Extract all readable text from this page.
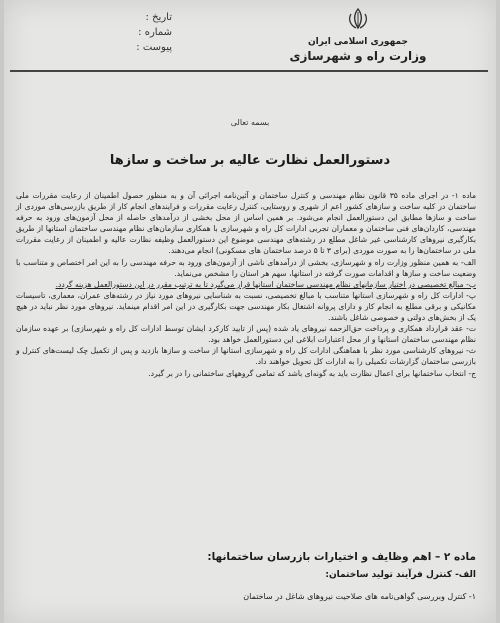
جمهوری اسلامی ایران
وزارت راه و شهرسازی
تاریخ :
شماره :
پیوست :
بسمه تعالی
دستورالعمل نظارت عالیه بر ساخت و سازها

ماده ۱- در اجرای ماده ۳۵ قانون نظام مهندسی و کنترل ساختمان و آئین‌نامه اجرائی آن و به منظور حصول اطمینان از رعایت مقررات ملی ساختمان در کلیه ساخت و سازهای کشور اعم از شهری و روستایی، کنترل رعایت مقررات و فرایندهای انجام کار از طریق بازرسی‌های موردی از ساخت و سازها مطابق این دستورالعمل انجام می‌شود. بر همین اساس از محل بخشی از درآمدهای حاصله از محل آزمون‌های ورود به حرفه مهندسی، کاردان‌های فنی ساختمان و معماران تجربی ادارات کل راه و شهرسازی با همکاری سازمان‌های نظام مهندسی ساختمان استانها از طریق بکارگیری نیروهای کارشناسی غیر شاغل مطلع در رشته‌های مهندسی موضوع این دستورالعمل وظیفه نظارت عالیه و اطمینان از رعایت مقررات ملی در ساختمان‌ها را به صورت موردی (برای ۳ تا ۵ درصد ساختمان های مسکونی) انجام می‌دهند.

الف- به همین منظور وزارت راه و شهرسازی، بخشی از درآمدهای ناشی از آزمون‌های ورود به حرفه مهندسی را به این امر اختصاص و متناسب با وضعیت ساخت و سازها و اقدامات صورت گرفته در استانها، سهم هر استان را مشخص می‌نماید.

ب- مبالغ تخصیصی در اختیار سازمانهای نظام مهندسی ساختمان استانها قرار می‌گیرد تا به ترتیب مقرر در این دستورالعمل هزینه گردد.

پ- ادارات کل راه و شهرسازی استانها متناسب با مبالغ تخصیصی، نسبت به شناسایی نیروهای مورد نیاز در رشته‌های عمران، معماری، تاسیسات مکانیکی و برقی مطلع به انجام کار و دارای پروانه اشتغال بکار مهندسی جهت بکارگیری در این امر اقدام مینماید. نیروهای مورد نظر نباید در هیچ یک از بخش‌های دولتی و خصوصی شاغل باشند.

ت- عقد قرارداد همکاری و پرداخت حق‌الزحمه نیروهای یاد شده (پس از تایید کارکرد ایشان توسط ادارات کل راه و شهرسازی) بر عهده سازمان نظام مهندسی ساختمان استانها و از محل اعتبارات ابلاغی این دستورالعمل خواهد بود.

ث- نیروهای کارشناسی مورد نظر با هماهنگی ادارات کل راه و شهرسازی استانها از ساخت و سازها بازدید و پس از تکمیل چک لیست‌های کنترل و بازرسی ساختمان گزارشات تکمیلی را به ادارات کل تحویل خواهند داد.

ج- انتخاب ساختمانها برای اعمال نظارت باید به گونه‌ای باشد که تمامی گروههای ساختمانی را در بر گیرد.

ماده ۲ – اهم وظایف و اختیارات بازرسان ساختمانها:
الف- کنترل فرآیند تولید ساختمان:
۱- کنترل وبررسی گواهی‌نامه های صلاحیت نیروهای شاغل در ساختمان
